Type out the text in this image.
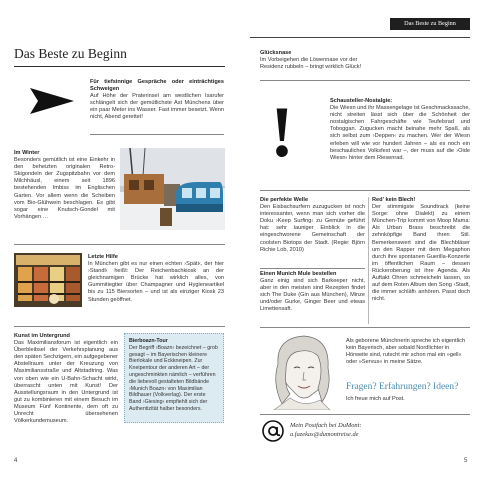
Das Beste zu Beginn
Für tiefsinnige Gespräche oder einträchtiges Schweigen
Auf Höhe der Praterinsel am westlichen Isarufer schlängelt sich der gemütlichste Ast Münchens über ein paar Meter ins Wasser. Fast immer besetzt. Wenn nicht, Abend gerettet!
Im Winter
Besonders gemütlich ist eine Einkehr in den beheizten originalen Retro-Skigondeln der Zugspitzbahn vor dem Milchhäusl, einem seit 1896 bestehenden Imbiss im Englischen Garten. Vor allem wenn die Scheiben vom Bio-Glühwein beschlagen. Es gibt sogar eine Knutsch-Gondel mit Vorhängen …
Letzte Hilfe
In München gibt es nur einen echten ›Späti‹, der hier ›Standl‹ heißt: Der Reichenbachkiosk an der gleichnamigen Brücke hat wirklich alles, von Gummitiegtier über Champagner und Hygieneartikel bis zu 115 Biersorten – und ist als einziger Kiosk 23 Stunden geöffnet.
Kunst im Untergrund
Das Maximiliansforum ist eigentlich ein Überbleibsel der Verkehrsplanung aus den späten Sechzigern, ein aufgegebener Abstellraum unter der Kreuzung von Maximiliansstraße und Altstadtring. Was von oben wie ein U-Bahn-Schacht wirkt, überrascht unten mit Kunst! Der Ausstellungsraum in den Untergrund ist gut zu kombinieren mit einem Besuch im Museum Fünf Kontinente, dem oft zu Unrecht übersehenen Völkerkundemuseum.
Bierboazn-Tour
Der Begriff ›Boazn‹ bezeichnet – grob gesagt – im Bayerischen kleinere Bierlokale und Eckkneipen. Zur Kneipentour der anderen Art – der ungeschminkten nämlich – verführen die liebevoll gestalteten Bildbände ›Munich Boazn‹ von Maximilian Bildhauer (Volkverlag). Der erste Band ›Giesing‹ empfiehlt sich der Authentizität halber besonders.
4
Das Beste zu Beginn
Glücksnase
Im Vorbeigehen die Löwennase vor der Residenz rubbeln – bringt wirklich Glück!
!	Schausteller-Nostalgie:
Die Wiesn und ihr Massengelage ist Geschmackssache, nicht streiten lässt sich über die Schönheit der nostalgischen Fahrgeschäfte wie Teufelsrad und Toboggan. Zugucken macht beinahe mehr Spaß, als sich selbst zum ›Deppen‹ zu machen. Wer der Wiesn erleben will wie vor hundert Jahren – als es noch ein beschauliches Volksfest war –, der muss auf die ›Oide Wiesn‹ hinter dem Riesenrad.
Die perfekte Welle
Den Eisbachsurfern zuzugucken ist noch interessanter, wenn man sich vorher die Doku ›Keep Surfing‹ zu Gemüte geführt hat: sehr launiger Einblick in die eingeschworene Gemeinschaft der coolsten Biotops der Stadt. (Regie: Björn Richie Lob, 2010)
Einen Munich Mule bestellen
Ganz einig sind sich Barkeeper nicht, aber in den meisten sind Rezepten findet sich The Duke (Gin aus München), Minze und/oder Gurke, Ginger Beer und etwas Limettensaft.
Red' kein Blech!
Der stimmigste Soundtrack (keine Sorge: ohne Dialekt) zu einem München-Trip kommt von Moop Mama: Als Urban Brass beschreibt die zehnköpfige Band ihren Stil. Bemerkenswert sind die Blechbläser um den Rapper mit dem Megaphon durch ihre spontanen Guerilla-Konzerte im öffentlichen Raum – dessen Rückeroberung ist ihre Agenda. Als Auftakt Ohren schmeicheln lassen, so auf dem Roten Album den Song ›Stadt, die immer schläft‹ anhören. Passt doch nicht.
Als geborene Münchnerin spreche ich eigentlich kein Bayerisch, aber sobald Nordlichter in Hörweite sind, rutscht mir schon mal ein »gell« oder »Servus« in meine Sätze.
Fragen? Erfahrungen? Ideen?
Ich freue mich auf Post.
Mein Postfach bei DuMont:
a.fazekas@dumontreise.de
5
